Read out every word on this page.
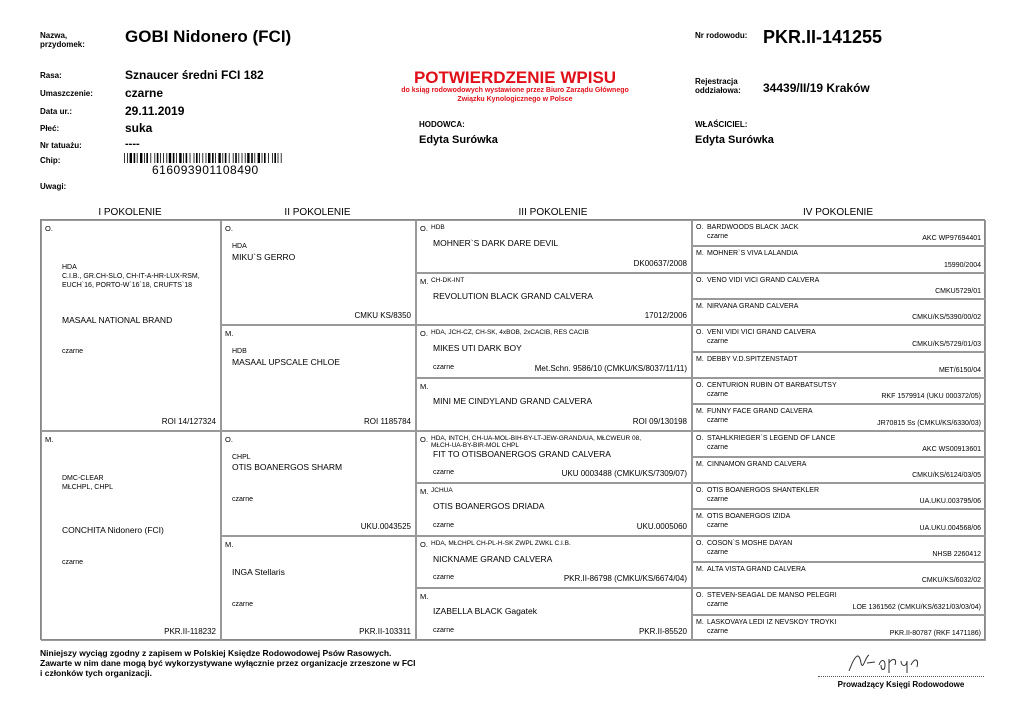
Nazwa, przydomek:	GOBI Nidonero (FCI)	Nr rodowodu: PKR.II-141255
Rasa:	Sznaucer średni FCI 182
Umaszczenie:	czarne
Data ur.:	29.11.2019
Płeć:	suka
Nr tatuażu:	----
Chip:
616093901108490
Uwagi:
POTWIERDZENIE WPISU
do ksiąg rodowodowych wystawione przez Biuro Zarządu Głównego
Związku Kynologicznego w Polsce
HODOWCA:
Edyta Surówka
Rejestracja oddziałowa:	34439/II/19 Kraków
WŁAŚCICIEL:
Edyta Surówka
I POKOLENIE	II POKOLENIE	III POKOLENIE	IV POKOLENIE
O.
HDA
C.I.B., GR.CH-SLO, CH-IT-A-HR-LUX-RSM,
EUCH`16, PORTO-W`16`18, CRUFTS`18
MASAAL NATIONAL BRAND
czarne
ROI 14/127324
M.
DMC-CLEAR
MŁCHPL, CHPL
CONCHITA Nidonero (FCI)
czarne
PKR.II-118232
O.
HDA
MIKU`S GERRO
CMKU KS/8350
M.
HDB
MASAAL UPSCALE CHLOE
ROI 1185784
O.
CHPL
OTIS BOANERGOS SHARM
czarne
UKU.0043525
M.
INGA Stellaris
czarne
PKR.II-103311
O. HDB
MOHNER`S DARK DARE DEVIL
DK00637/2008
M. CH-DK-INT
REVOLUTION BLACK GRAND CALVERA
17012/2006
O. HDA, JCH-CZ, CH-SK, 4xBOB, 2xCACIB, RES CACIB
MIKES UTI DARK BOY
czarne	Met.Schn. 9586/10 (CMKU/KS/8037/11/11)
M.
MINI ME CINDYLAND GRAND CALVERA
ROI 09/130198
O. HDA, INTCH, CH-UA-MOL-BIH-BY-LT-JEW-GRAND/UA, MŁCWEUR 08,
MŁCH-UA-BY-BIR-MOL CHPL
FIT TO OTISBOANERGOS GRAND CALVERA
czarne	UKU 0003488 (CMKU/KS/7309/07)
M. JCHUA
OTIS BOANERGOS DRIADA
czarne	UKU.0005060
O. HDA, MŁCHPL CH-PL-H-SK ZWPL ZWKL C.I.B.
NICKNAME GRAND CALVERA
czarne	PKR.II-86798 (CMKU/KS/6674/04)
M.
IZABELLA BLACK Gagatek
czarne	PKR.II-85520
O. BARDWOODS BLACK JACK
czarne	AKC WP97694401
M. MOHNER`S VIVA LALANDIA
15990/2004
O. VENO VIDI VICI GRAND CALVERA
CMKU5729/01
M. NIRVANA GRAND CALVERA
CMKU/KS/5390/00/02
O. VENI VIDI VICI GRAND CALVERA
czarne	CMKU/KS/5729/01/03
M. DEBBY V.D.SPITZENSTADT
MET/6150/04
O. CENTURION RUBIN OT BARBATSUTSY
czarne	RKF 1579914 (UKU 000372/05)
M. FUNNY FACE GRAND CALVERA
czarne	JR70815 Ss (CMKU/KS/6330/03)
O. STAHLKRIEGER`S LEGEND OF LANCE
czarne	AKC WS00913601
M. CINNAMON GRAND CALVERA
CMKU/KS/6124/03/05
O. OTIS BOANERGOS SHANTEKLER
czarne	UA.UKU.003795/06
M. OTIS BOANERGOS IZIDA
czarne	UA.UKU.004568/06
O. COSON`S MOSHE DAYAN
czarne	NHSB 2260412
M. ALTA VISTA GRAND CALVERA
CMKU/KS/6032/02
O. STEVEN-SEAGAL DE MANSO PELEGRI
czarne	LOE 1361562 (CMKU/KS/6321/03/03/04)
M. LASKOVAYA LEDI IZ NEVSKOY TROYKI
czarne	PKR.II-80787 (RKF 1471186)
Niniejszy wyciąg zgodny z zapisem w Polskiej Księdze Rodowodowej Psów Rasowych.
Zawarte w nim dane mogą być wykorzystywane wyłącznie przez organizacje zrzeszone w FCI
i członków tych organizacji.
Prowadzący Księgi Rodowodowe
